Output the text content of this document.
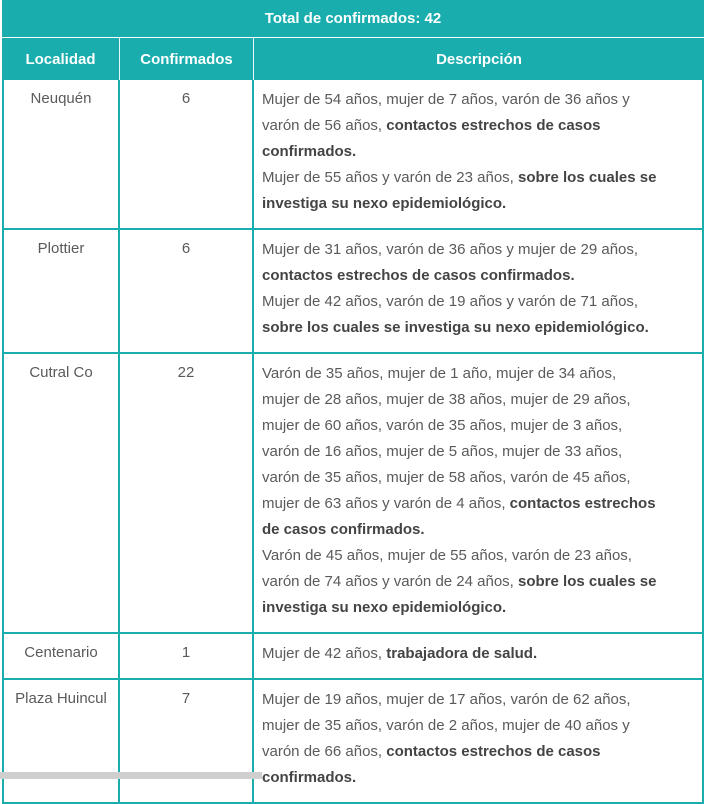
Total de confirmados: 42
Localidad	Confirmados	Descripción
Neuquén	6	Mujer de 54 años, mujer de 7 años, varón de 36 años y
varón de 56 años, contactos estrechos de casos
confirmados.
Mujer de 55 años y varón de 23 años, sobre los cuales se
investiga su nexo epidemiológico.
Plottier	6	Mujer de 31 años, varón de 36 años y mujer de 29 años,
contactos estrechos de casos confirmados.
Mujer de 42 años, varón de 19 años y varón de 71 años,
sobre los cuales se investiga su nexo epidemiológico.
Cutral Co	22	Varón de 35 años, mujer de 1 año, mujer de 34 años,
mujer de 28 años, mujer de 38 años, mujer de 29 años,
mujer de 60 años, varón de 35 años, mujer de 3 años,
varón de 16 años, mujer de 5 años, mujer de 33 años,
varón de 35 años, mujer de 58 años, varón de 45 años,
mujer de 63 años y varón de 4 años, contactos estrechos
de casos confirmados.
Varón de 45 años, mujer de 55 años, varón de 23 años,
varón de 74 años y varón de 24 años, sobre los cuales se
investiga su nexo epidemiológico.
Centenario	1	Mujer de 42 años, trabajadora de salud.
Plaza Huincul	7	Mujer de 19 años, mujer de 17 años, varón de 62 años,
mujer de 35 años, varón de 2 años, mujer de 40 años y
varón de 66 años, contactos estrechos de casos
confirmados.
